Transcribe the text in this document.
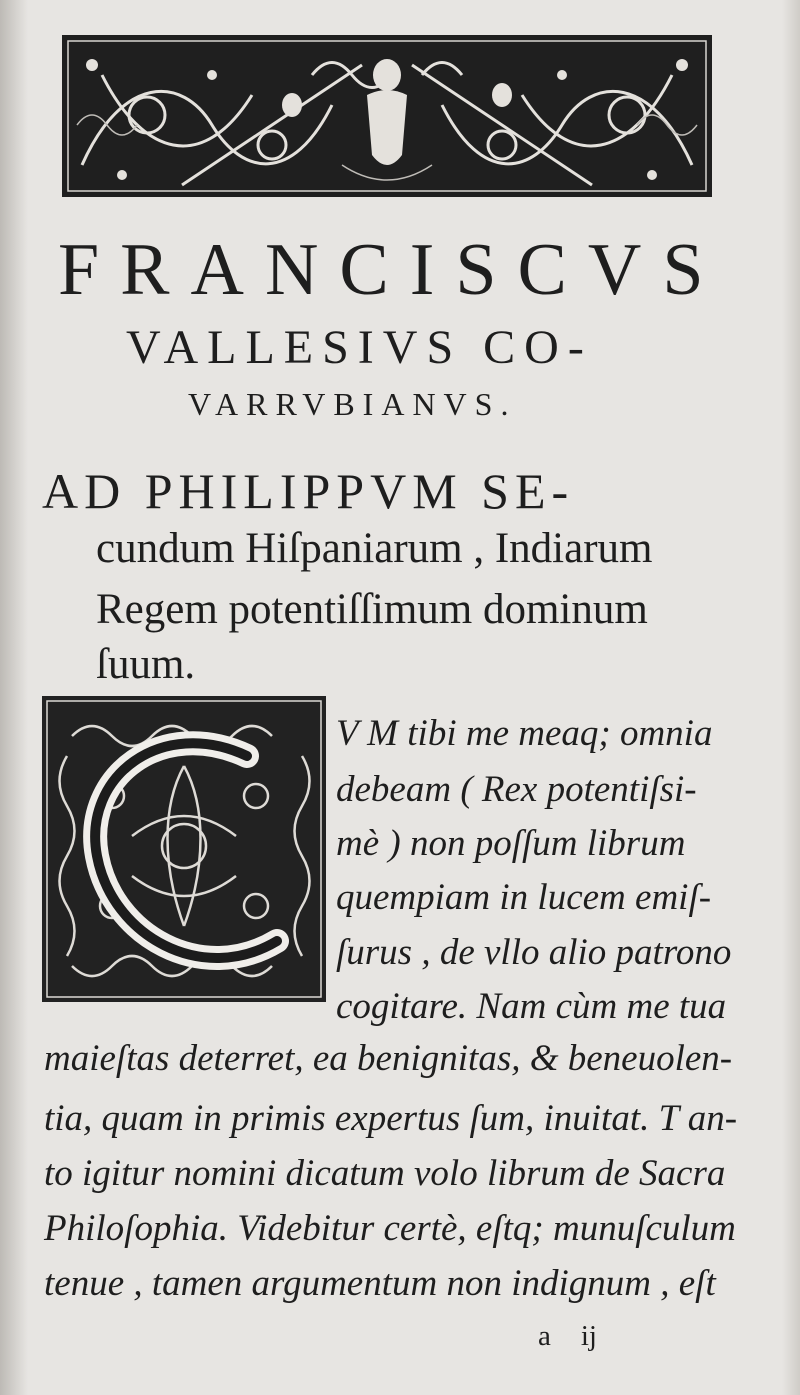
FRANCISCVS
VALLESIVS CO-
VARRVBIANVS.
AD PHILIPPVM SE-
cundum Hiſpaniarum , Indiarum
Regem potentiſſimum dominum
ſuum.
V M tibi me meaq; omnia
debeam ( Rex potentiſsi-
mè ) non poſſum librum
quempiam in lucem emiſ-
ſurus , de vllo alio patrono
cogitare. Nam cùm me tua
maieſtas deterret, ea benignitas, & beneuolen-
tia, quam in primis expertus ſum, inuitat. T an-
to igitur nomini dicatum volo librum de Sacra
Philoſophia. Videbitur certè, eſtq; munuſculum
tenue , tamen argumentum non indignum , eſt
a ij
